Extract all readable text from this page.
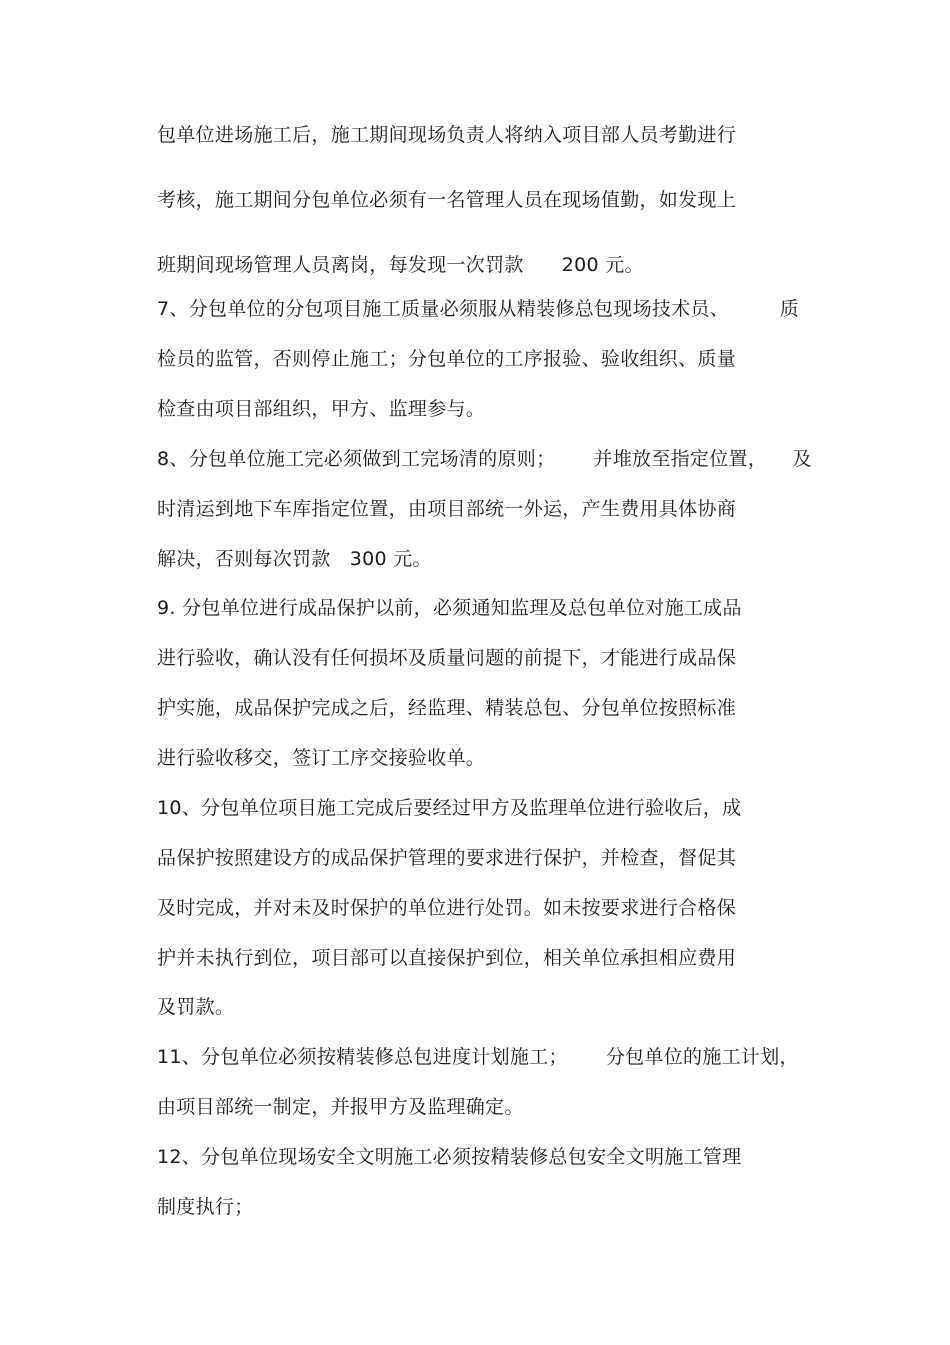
包单位进场施工后，施工期间现场负责人将纳入项目部人员考勤进行
考核，施工期间分包单位必须有一名管理人员在现场值勤，如发现上
班期间现场管理人员离岗，每发现一次罚款      200 元。
7、分包单位的分包项目施工质量必须服从精装修总包现场技术员、        质
检员的监管，否则停止施工；分包单位的工序报验、验收组织、质量
检查由项目部组织，甲方、监理参与。
8、分包单位施工完必须做到工完场清的原则；      并堆放至指定位置，    及
时清运到地下车库指定位置，由项目部统一外运，产生费用具体协商
解决，否则每次罚款   300 元。
9. 分包单位进行成品保护以前，必须通知监理及总包单位对施工成品
进行验收，确认没有任何损坏及质量问题的前提下，才能进行成品保
护实施，成品保护完成之后，经监理、精装总包、分包单位按照标准
进行验收移交，签订工序交接验收单。
10、分包单位项目施工完成后要经过甲方及监理单位进行验收后，成
品保护按照建设方的成品保护管理的要求进行保护，并检查，督促其
及时完成，并对未及时保护的单位进行处罚。如未按要求进行合格保
护并未执行到位，项目部可以直接保护到位，相关单位承担相应费用
及罚款。
11、分包单位必须按精装修总包进度计划施工；      分包单位的施工计划，
由项目部统一制定，并报甲方及监理确定。
12、分包单位现场安全文明施工必须按精装修总包安全文明施工管理
制度执行；
